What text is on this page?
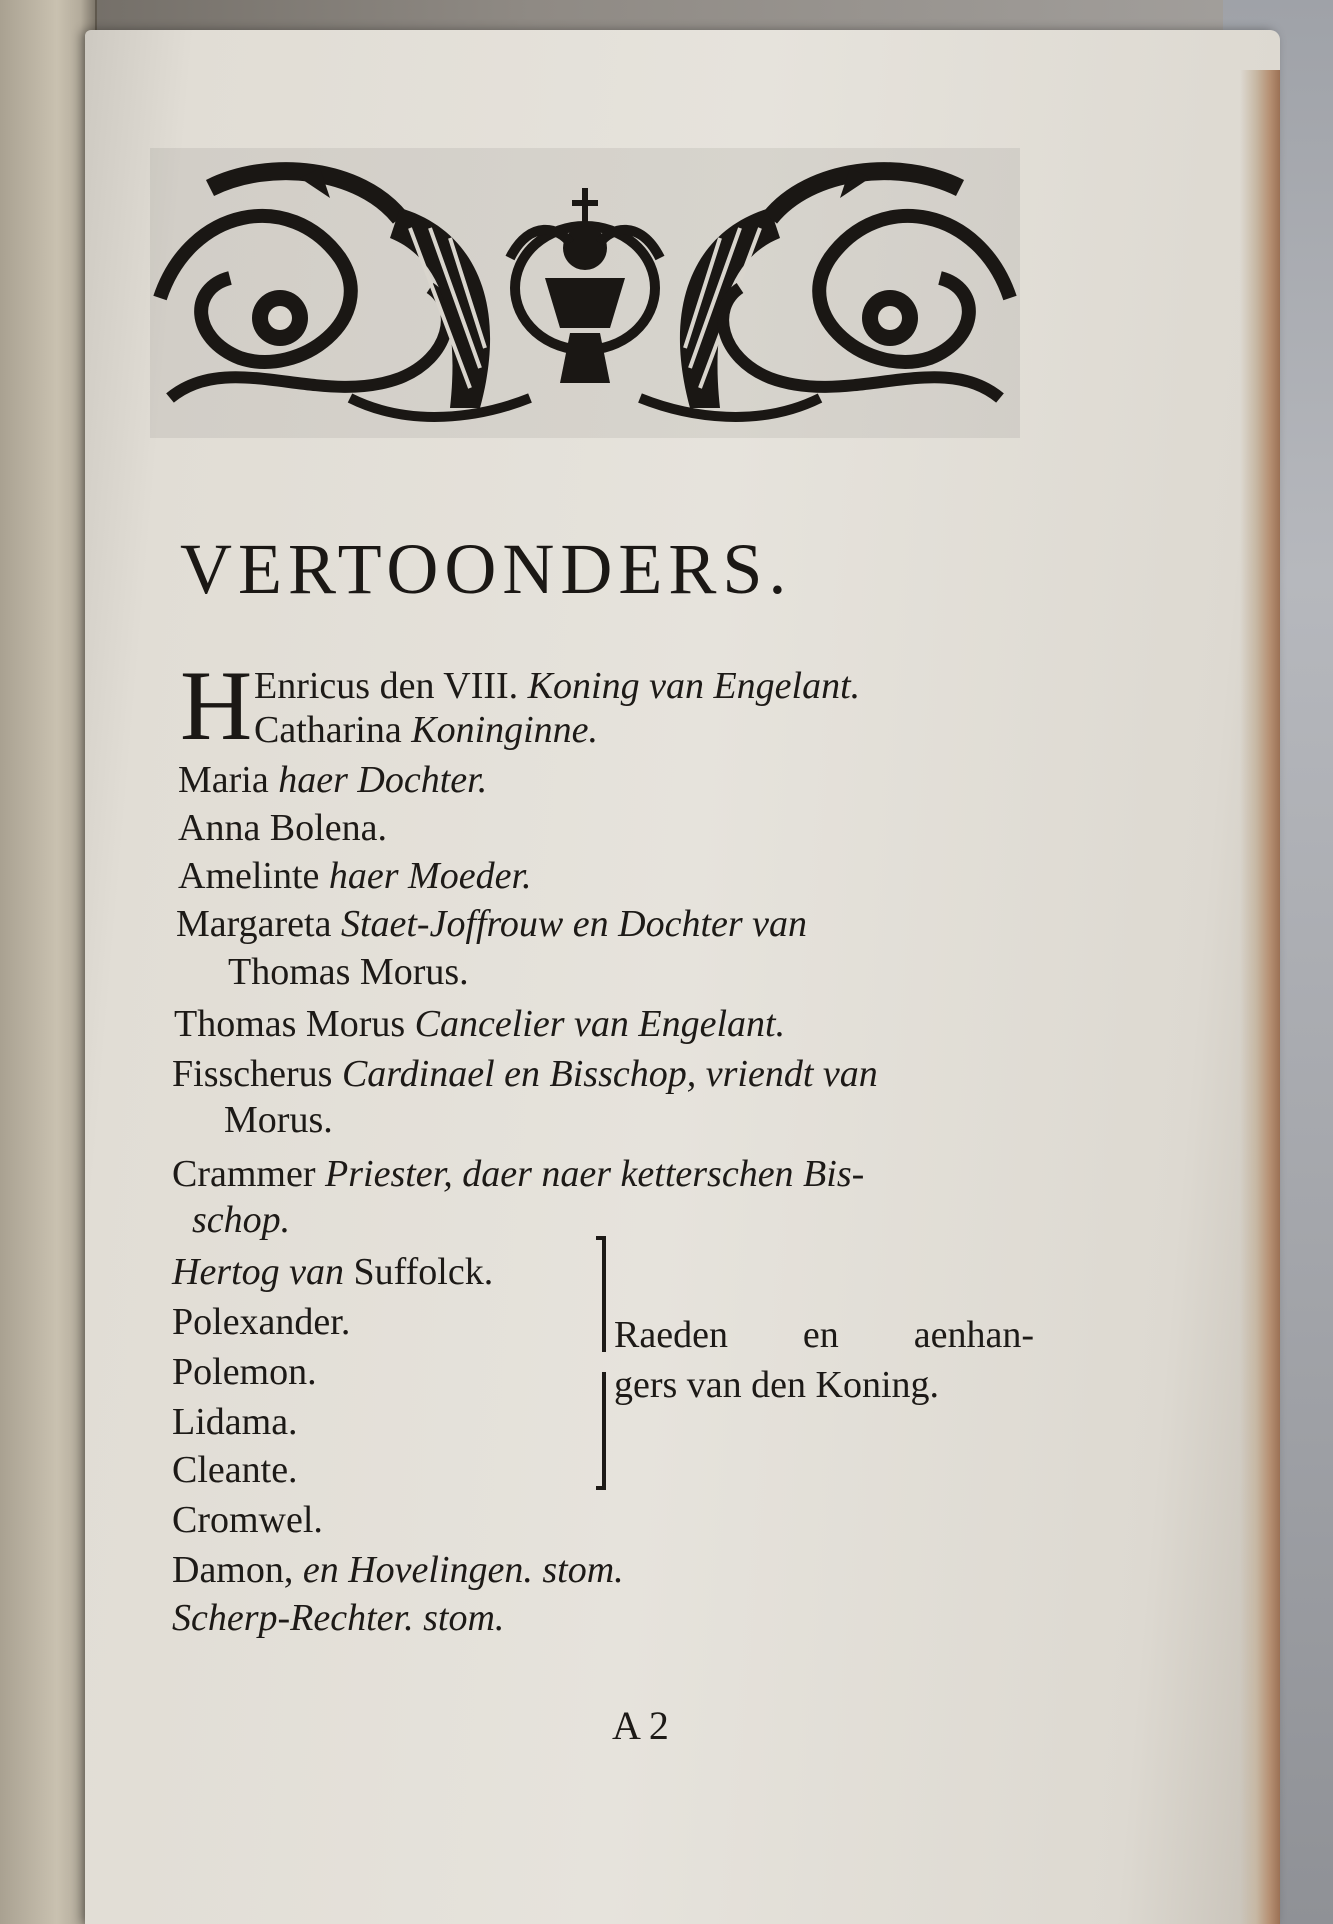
VERTOONDERS.
H Enricus den VIII. Koning van Engelant.
Catharina Koninginne.
Maria haer Dochter.
Anna Bolena.
Amelinte haer Moeder.
Margareta Staet-Joffrouw en Dochter van
Thomas Morus.
Thomas Morus Cancelier van Engelant.
Fisscherus Cardinael en Bisschop, vriendt van
Morus.
Crammer Priester, daer naer ketterschen Bis-
schop.
Hertog van Suffolck.
Polexander.
Polemon.
Lidama.
Cleante.
Cromwel.
Damon, en Hovelingen. stom.
Scherp-Rechter. stom.
Raeden en aenhan-
gers van den Koning.
A 2
